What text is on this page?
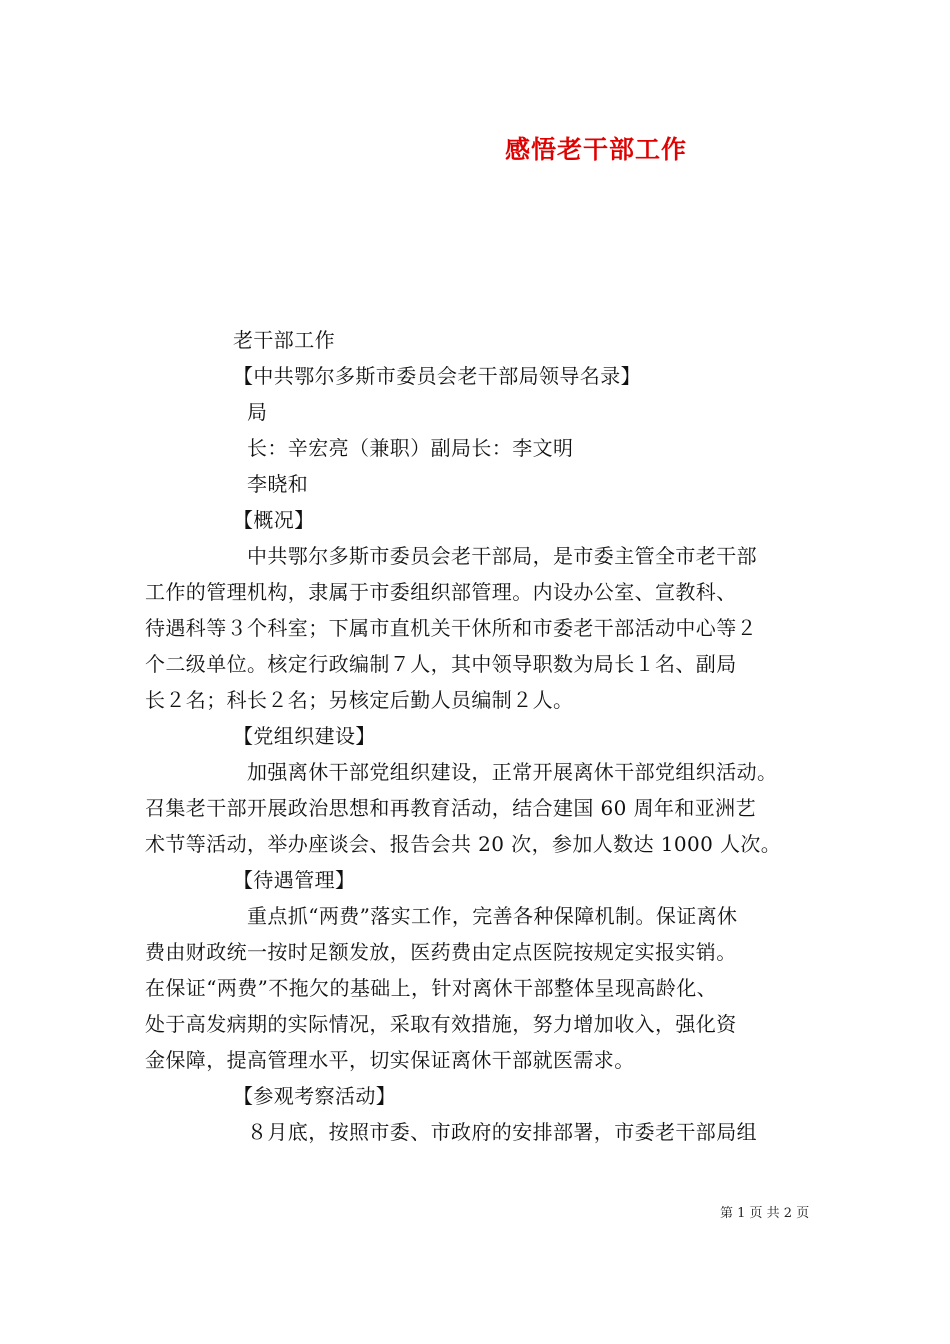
感悟老干部工作
老干部工作
【中共鄂尔多斯市委员会老干部局领导名录】
局
长：辛宏亮（兼职）副局长：李文明
李晓和
【概况】
中共鄂尔多斯市委员会老干部局，是市委主管全市老干部
工作的管理机构，隶属于市委组织部管理。内设办公室、宣教科、
待遇科等３个科室；下属市直机关干休所和市委老干部活动中心等２
个二级单位。核定行政编制７人，其中领导职数为局长１名、副局
长２名；科长２名；另核定后勤人员编制２人。
【党组织建设】
加强离休干部党组织建设，正常开展离休干部党组织活动。
召集老干部开展政治思想和再教育活动，结合建国 60 周年和亚洲艺
术节等活动，举办座谈会、报告会共 20 次，参加人数达 1000 人次。
【待遇管理】
重点抓“两费”落实工作，完善各种保障机制。保证离休
费由财政统一按时足额发放，医药费由定点医院按规定实报实销。
在保证“两费”不拖欠的基础上，针对离休干部整体呈现高龄化、
处于高发病期的实际情况，采取有效措施，努力增加收入，强化资
金保障，提高管理水平，切实保证离休干部就医需求。
【参观考察活动】
８月底，按照市委、市政府的安排部署，市委老干部局组
第 1 页 共 2 页
